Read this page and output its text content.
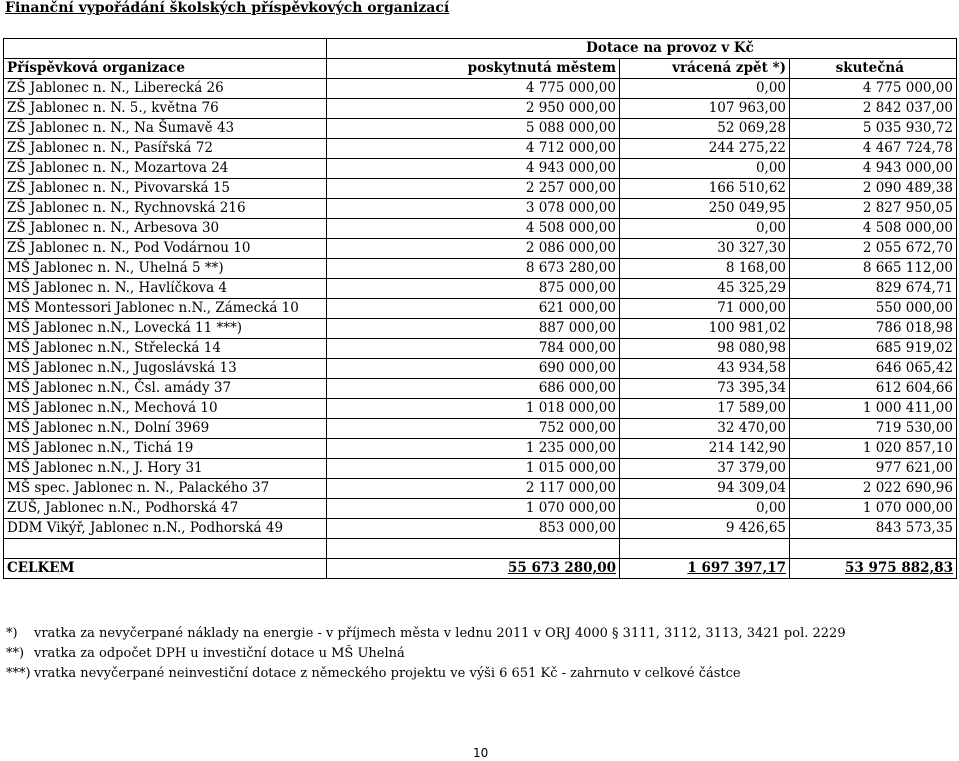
Finanční vypořádání školských příspěvkových organizací
	Dotace na provoz v Kč		
Příspěvková organizace	poskytnutá městem	vrácená zpět *)	skutečná
ZŠ Jablonec n. N., Liberecká 26	4 775 000,00	0,00	4 775 000,00
ZŠ Jablonec n. N. 5., května 76	2 950 000,00	107 963,00	2 842 037,00
ZŠ Jablonec n. N., Na Šumavě 43	5 088 000,00	52 069,28	5 035 930,72
ZŠ Jablonec n. N., Pasířská 72	4 712 000,00	244 275,22	4 467 724,78
ZŠ Jablonec n. N., Mozartova 24	4 943 000,00	0,00	4 943 000,00
ZŠ Jablonec n. N., Pivovarská 15	2 257 000,00	166 510,62	2 090 489,38
ZŠ Jablonec n. N., Rychnovská 216	3 078 000,00	250 049,95	2 827 950,05
ZŠ Jablonec n. N., Arbesova 30	4 508 000,00	0,00	4 508 000,00
ZŠ Jablonec n. N., Pod Vodárnou 10	2 086 000,00	30 327,30	2 055 672,70
MŠ Jablonec n. N., Uhelná 5 **)	8 673 280,00	8 168,00	8 665 112,00
MŠ Jablonec n. N., Havlíčkova 4	875 000,00	45 325,29	829 674,71
MŠ Montessori Jablonec n.N., Zámecká 10	621 000,00	71 000,00	550 000,00
MŠ Jablonec n.N., Lovecká 11 ***)	887 000,00	100 981,02	786 018,98
MŠ Jablonec n.N., Střelecká 14	784 000,00	98 080,98	685 919,02
MŠ Jablonec n.N., Jugoslávská 13	690 000,00	43 934,58	646 065,42
MŠ Jablonec n.N., Čsl. amády 37	686 000,00	73 395,34	612 604,66
MŠ Jablonec n.N., Mechová 10	1 018 000,00	17 589,00	1 000 411,00
MŠ Jablonec n.N., Dolní 3969	752 000,00	32 470,00	719 530,00
MŠ Jablonec n.N., Tichá 19	1 235 000,00	214 142,90	1 020 857,10
MŠ Jablonec n.N., J. Hory 31	1 015 000,00	37 379,00	977 621,00
MŠ spec. Jablonec n. N., Palackého 37	2 117 000,00	94 309,04	2 022 690,96
ZUŠ, Jablonec n.N., Podhorská 47	1 070 000,00	0,00	1 070 000,00
DDM Vikýř, Jablonec n.N., Podhorská 49	853 000,00	9 426,65	843 573,35

CELKEM	55 673 280,00	1 697 397,17	53 975 882,83
*)	vratka za nevyčerpané náklady na energie - v příjmech města v lednu 2011 v ORJ 4000 § 3111, 3112, 3113, 3421 pol. 2229
**) vratka za odpočet DPH u investiční dotace u MŠ Uhelná
***) vratka nevyčerpané neinvestiční dotace z německého projektu ve výši 6 651 Kč - zahrnuto v celkové částce
10
